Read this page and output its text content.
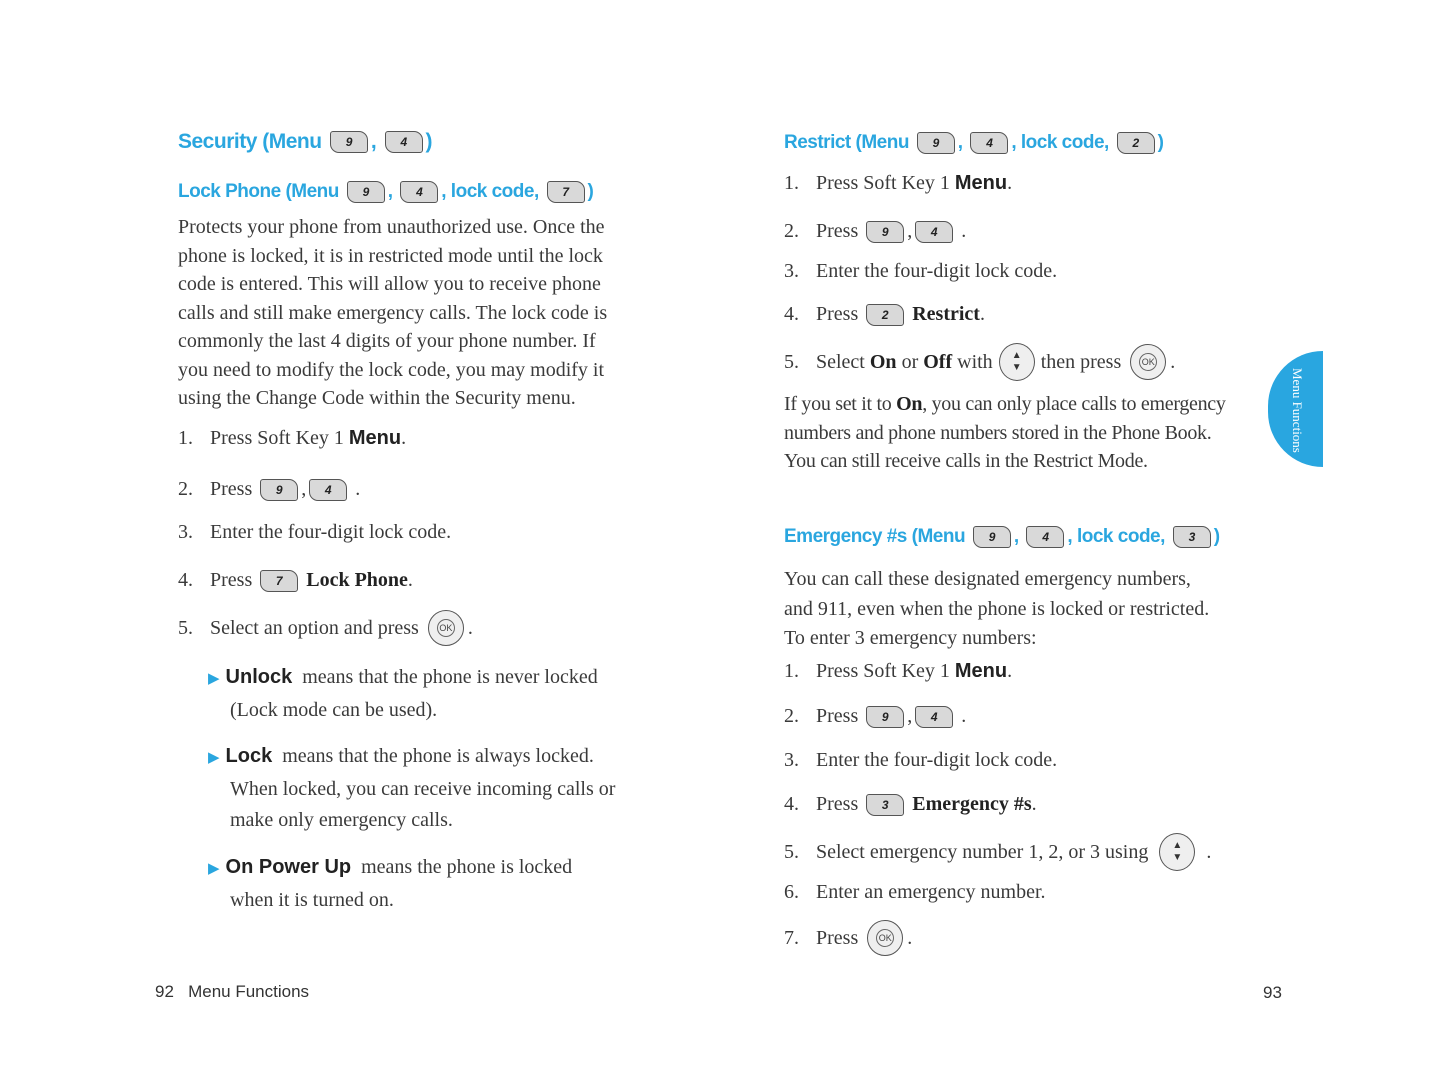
Security (Menu 9 , 4 )
Lock Phone (Menu 9 , 4 , lock code, 7 )
Protects your phone from unauthorized use. Once the
phone is locked, it is in restricted mode until the lock
code is entered. This will allow you to receive phone
calls and still make emergency calls. The lock code is
commonly the last 4 digits of your phone number. If
you need to modify the lock code, you may modify it
using the Change Code within the Security menu.
1. Press Soft Key 1 Menu .
2. Press
	9 ,	4
	.
3. Enter the four-digit lock code.
4. Press
	7
	Lock Phone .
5. Select an option and press
OK .
▶ Unlock means that the phone is never locked
(Lock mode can be used).
▶ Lock means that the phone is always locked.
When locked, you can receive incoming calls or
make only emergency calls.
▶ On Power Up means the phone is locked
when it is turned on.
92 Menu Functions
Restrict (Menu 9 , 4 , lock code, 2 )
1. Press Soft Key 1 Menu .
2. Press
	9 ,	4
	.
3. Enter the four-digit lock code.
4. Press
	2
	Restrict .
5. Select On or Off with ▲
▼ then press
OK .
If you set it to On, you can only place calls to emergency
numbers and phone numbers stored in the Phone Book.
You can still receive calls in the Restrict Mode.
Emergency #s (Menu 9 , 4 , lock code, 3 )
You can call these designated emergency numbers,
and 911, even when the phone is locked or restricted.
To enter 3 emergency numbers:
1. Press Soft Key 1 Menu .
2. Press
	9 ,	4
	.
3. Enter the four-digit lock code.
4. Press
	3
	Emergency #s .
5. Select emergency number 1, 2, or 3 using
▲
▼
.
6. Enter an emergency number.
7. Press
OK .
93
Menu Functions
